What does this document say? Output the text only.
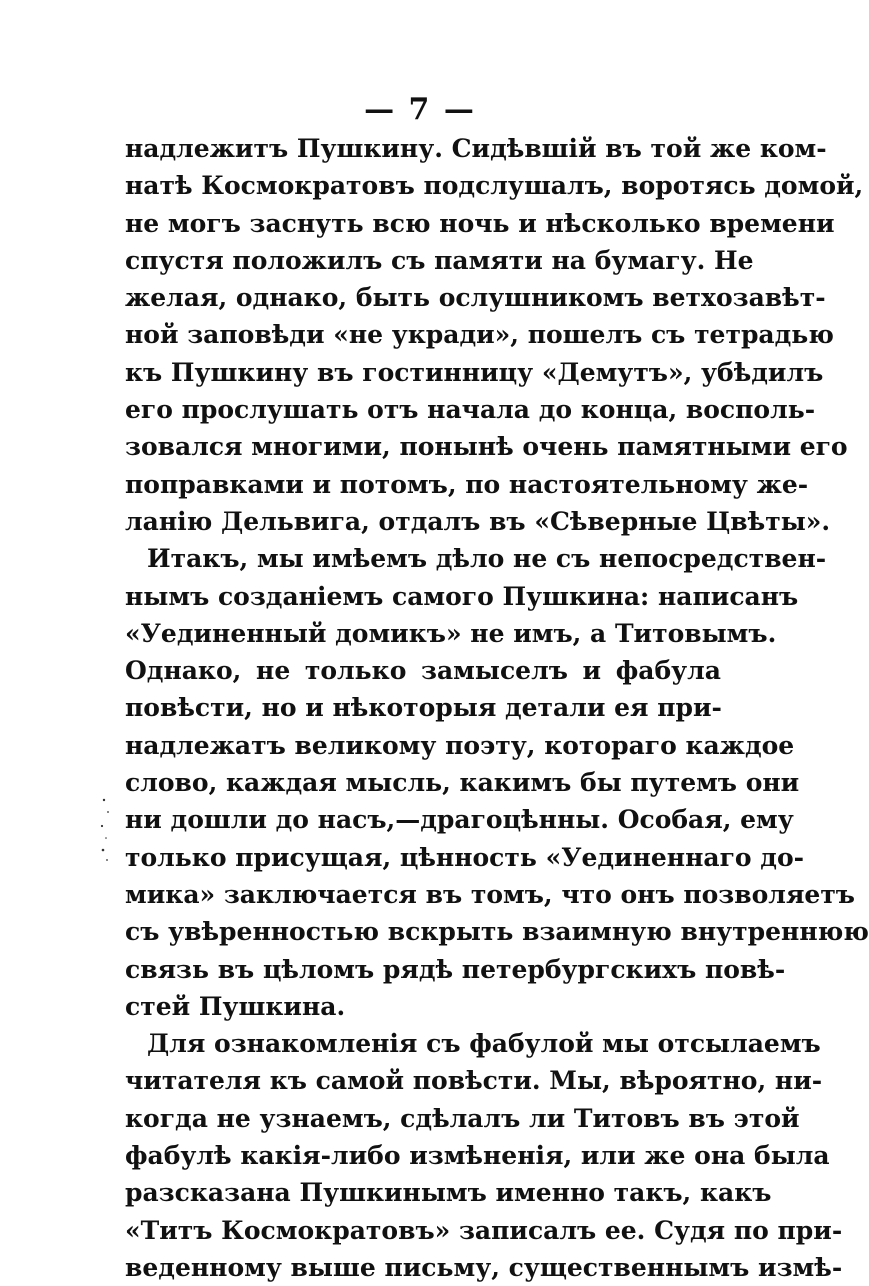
— 7 —
надлежитъ Пушкину. Сидѣвшій въ той же ком-
натѣ Космократовъ подслушалъ, воротясь домой,
не могъ заснуть всю ночь и нѣсколько времени
спустя положилъ съ памяти на бумагу. Не
желая, однако, быть ослушникомъ ветхозавѣт-
ной заповѣди «не укради», пошелъ съ тетрадью
къ Пушкину въ гостинницу «Демутъ», убѣдилъ
его прослушать отъ начала до конца, восполь-
зовался многими, понынѣ очень памятными его
поправками и потомъ, по настоятельному же-
ланію Дельвига, отдалъ въ «Сѣверные Цвѣты».
Итакъ, мы имѣемъ дѣло не съ непосредствен-
нымъ созданіемъ самого Пушкина: написанъ
«Уединенный домикъ» не имъ, а Титовымъ.
Однако, не только замыселъ и фабула
повѣсти, но и нѣкоторыя детали ея при-
надлежатъ великому поэту, котораго каждое
слово, каждая мысль, какимъ бы путемъ они
ни дошли до насъ,—драгоцѣнны. Особая, ему
только присущая, цѣнность «Уединеннаго до-
мика» заключается въ томъ, что онъ позволяетъ
съ увѣренностью вскрыть взаимную внутреннюю
связь въ цѣломъ рядѣ петербургскихъ повѣ-
стей Пушкина.
Для ознакомленія съ фабулой мы отсылаемъ
читателя къ самой повѣсти. Мы, вѣроятно, ни-
когда не узнаемъ, сдѣлалъ ли Титовъ въ этой
фабулѣ какія-либо измѣненія, или же она была
разсказана Пушкинымъ именно такъ, какъ
«Титъ Космократовъ» записалъ ее. Судя по при-
веденному выше письму, существеннымъ измѣ-
